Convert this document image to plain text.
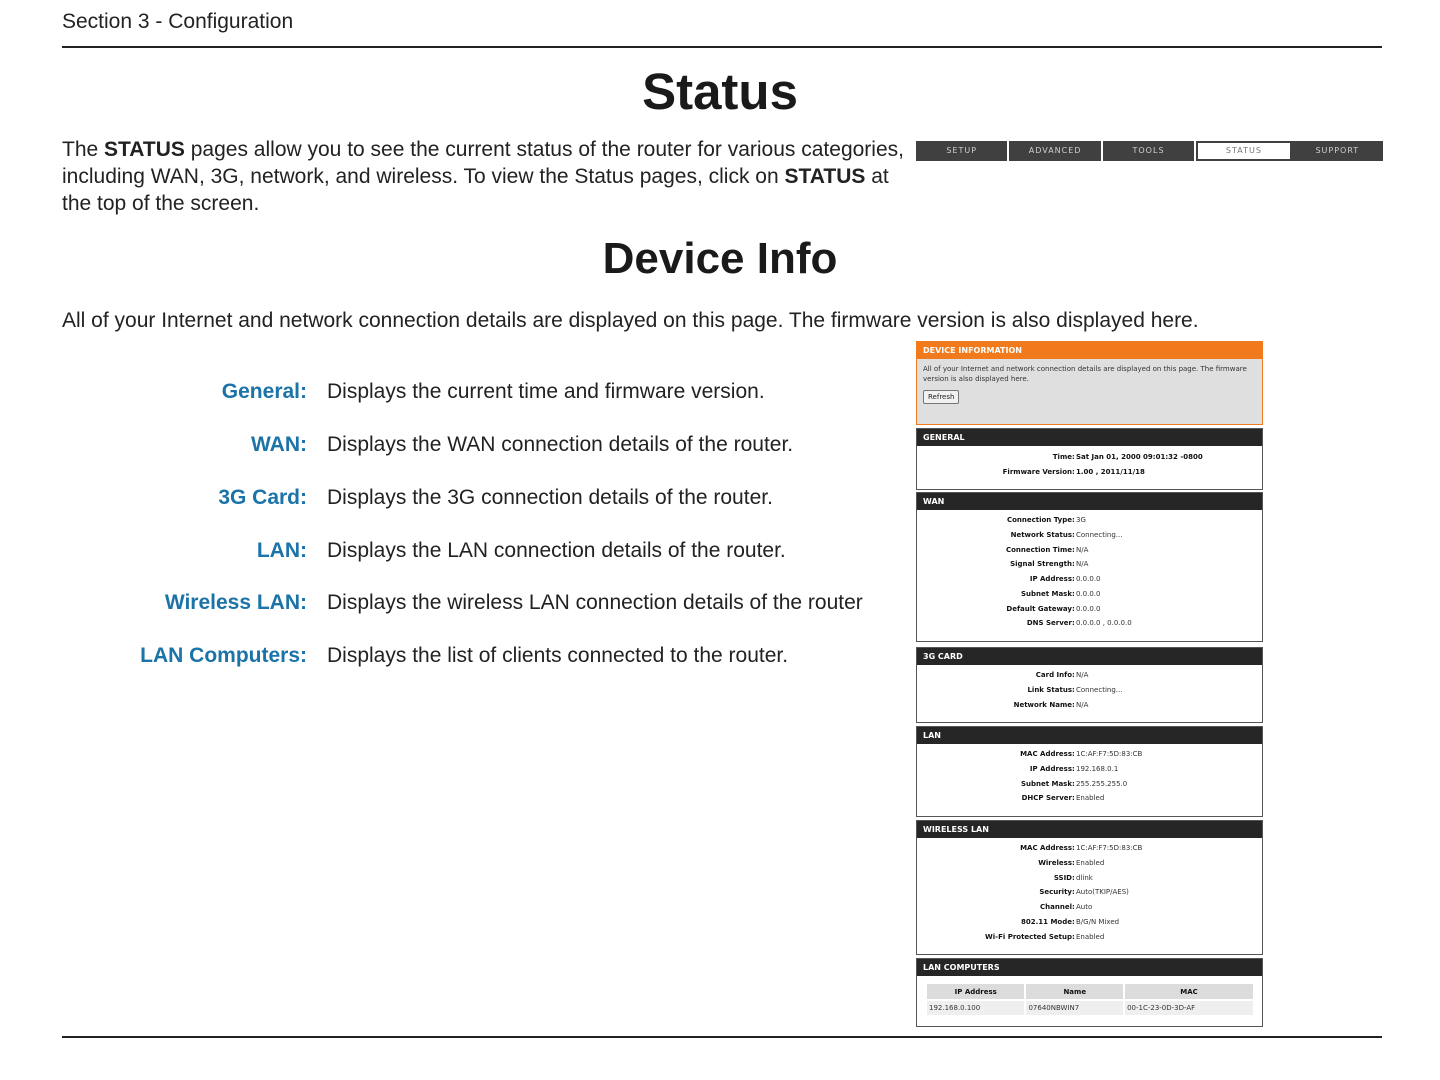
Section 3 - Configuration
Status
The STATUS pages allow you to see the current status of the router for various categories, including WAN, 3G, network, and wireless. To view the Status pages, click on STATUS at the top of the screen.
SETUP	ADVANCED	TOOLS	STATUS	SUPPORT
Device Info
All of your Internet and network connection details are displayed on this page. The firmware version is also displayed here.
General: Displays the current time and firmware version.
WAN: Displays the WAN connection details of the router.
3G Card: Displays the 3G connection details of the router.
LAN: Displays the LAN connection details of the router.
Wireless LAN: Displays the wireless LAN connection details of the router
LAN Computers: Displays the list of clients connected to the router.
DEVICE INFORMATION
All of your Internet and network connection details are displayed on this page. The firmware version is also displayed here.
Refresh
GENERAL
Time : Sat Jan 01, 2000 09:01:32 -0800
Firmware Version : 1.00 , 2011/11/18
WAN
Connection Type : 3G
Network Status : Connecting...
Connection Time : N/A
Signal Strength : N/A
IP Address : 0.0.0.0
Subnet Mask : 0.0.0.0
Default Gateway : 0.0.0.0
DNS Server : 0.0.0.0 , 0.0.0.0
3G CARD
Card Info : N/A
Link Status : Connecting...
Network Name : N/A
LAN
MAC Address : 1C:AF:F7:5D:83:CB
IP Address : 192.168.0.1
Subnet Mask : 255.255.255.0
DHCP Server : Enabled
WIRELESS LAN
MAC Address : 1C:AF:F7:5D:83:CB
Wireless : Enabled
SSID : dlink
Security : Auto(TKIP/AES)
Channel : Auto
802.11 Mode : B/G/N Mixed
Wi-Fi Protected Setup : Enabled
LAN COMPUTERS
IP Address	Name	MAC
192.168.0.100	07640NBWIN7	00-1C-23-0D-3D-AF
